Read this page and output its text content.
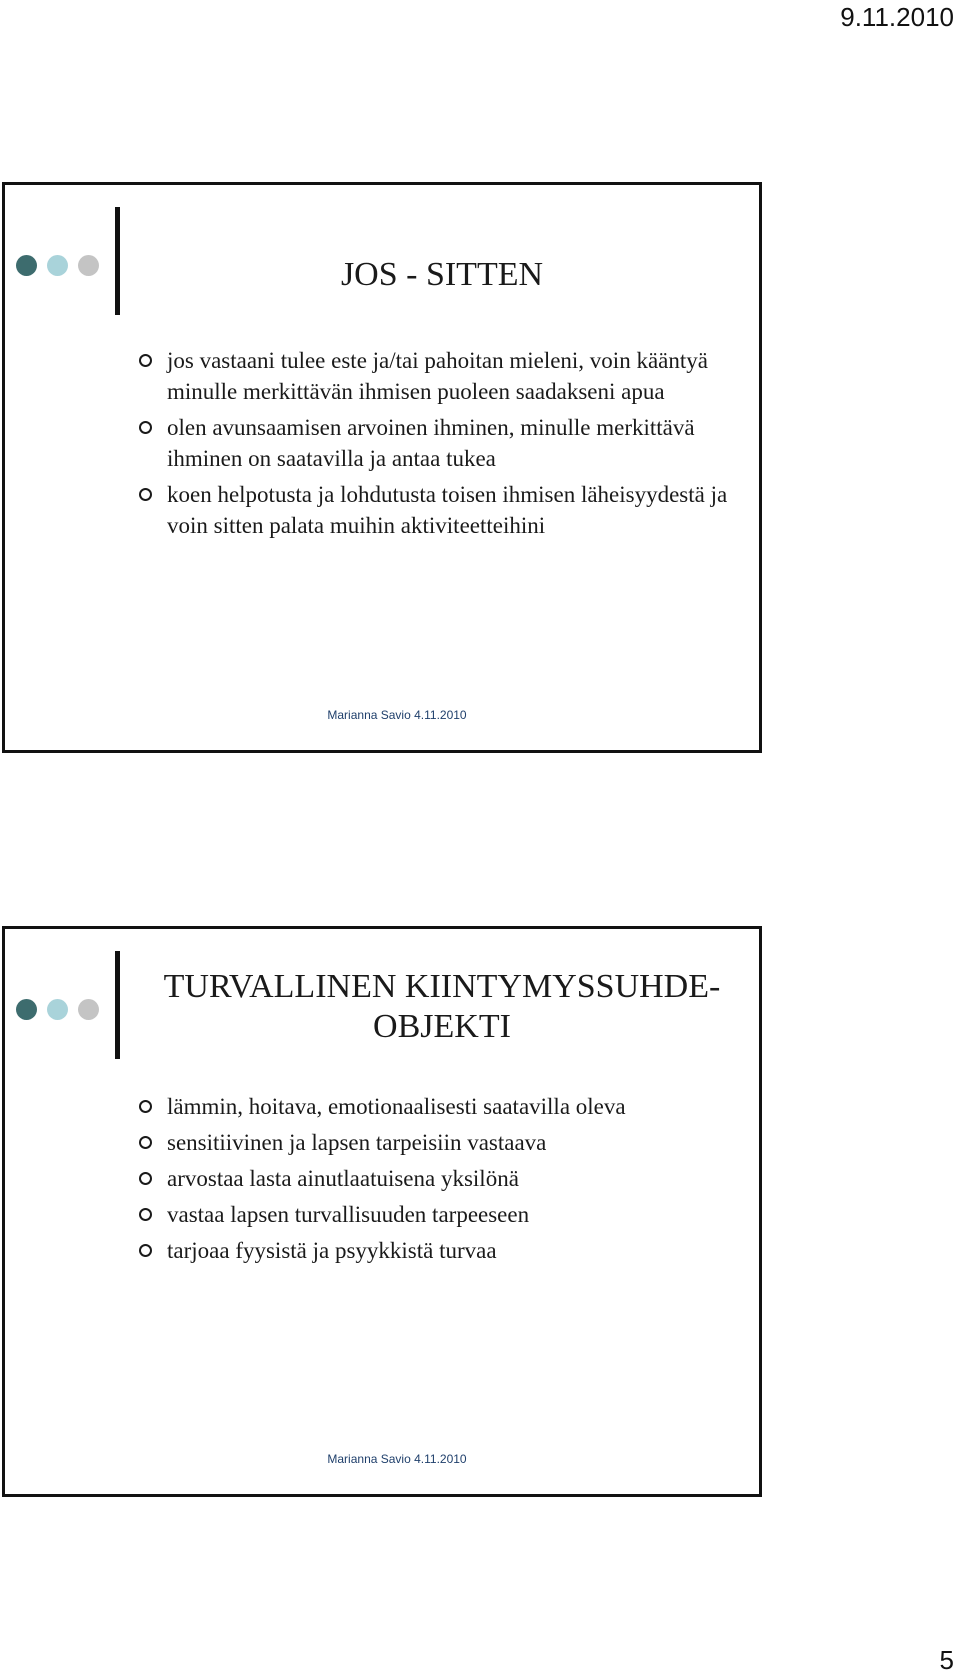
9.11.2010
JOS - SITTEN
jos vastaani tulee este ja/tai pahoitan mieleni, voin kääntyä minulle merkittävän ihmisen puoleen saadakseni apua
olen avunsaamisen arvoinen ihminen, minulle merkittävä ihminen on saatavilla ja antaa tukea
koen helpotusta ja lohdutusta toisen ihmisen läheisyydestä ja voin sitten palata muihin aktiviteetteihini
Marianna Savio 4.11.2010
TURVALLINEN KIINTYMYSSUHDE- OBJEKTI
lämmin, hoitava, emotionaalisesti saatavilla oleva
sensitiivinen ja lapsen tarpeisiin vastaava
arvostaa lasta ainutlaatuisena yksilönä
vastaa lapsen turvallisuuden tarpeeseen
tarjoaa fyysistä ja psyykkistä turvaa
Marianna Savio 4.11.2010
5
